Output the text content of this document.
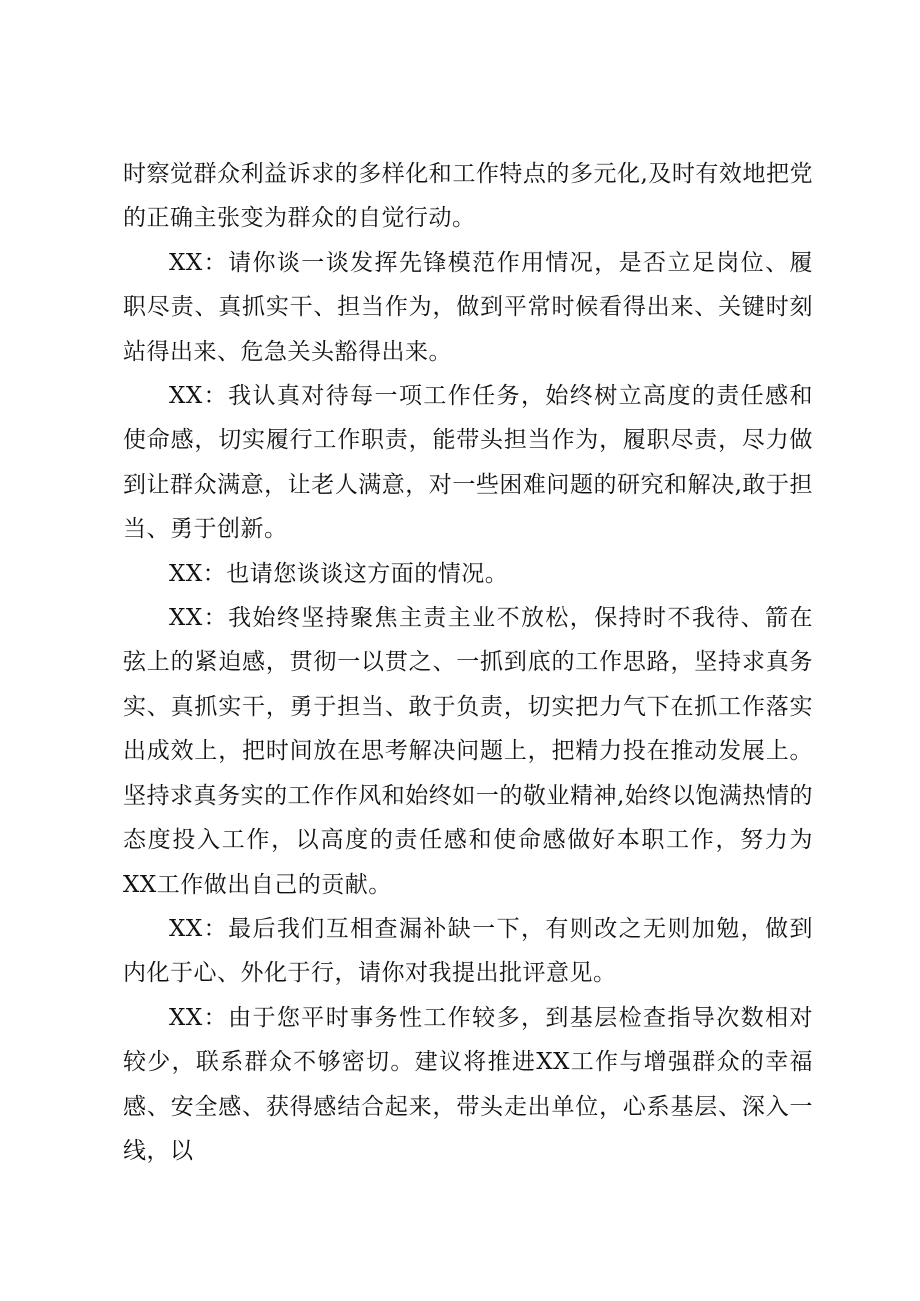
时察觉群众利益诉求的多样化和工作特点的多元化,及时有效地把党的正确主张变为群众的自觉行动。

XX：请你谈一谈发挥先锋模范作用情况，是否立足岗位、履职尽责、真抓实干、担当作为，做到平常时候看得出来、关键时刻站得出来、危急关头豁得出来。

XX：我认真对待每一项工作任务，始终树立高度的责任感和使命感，切实履行工作职责，能带头担当作为，履职尽责，尽力做到让群众满意，让老人满意，对一些困难问题的研究和解决,敢于担当、勇于创新。

XX：也请您谈谈这方面的情况。

XX：我始终坚持聚焦主责主业不放松，保持时不我待、箭在弦上的紧迫感，贯彻一以贯之、一抓到底的工作思路，坚持求真务实、真抓实干，勇于担当、敢于负责，切实把力气下在抓工作落实出成效上，把时间放在思考解决问题上，把精力投在推动发展上。坚持求真务实的工作作风和始终如一的敬业精神,始终以饱满热情的态度投入工作，以高度的责任感和使命感做好本职工作，努力为XX工作做出自己的贡献。

XX：最后我们互相查漏补缺一下，有则改之无则加勉，做到内化于心、外化于行，请你对我提出批评意见。

XX：由于您平时事务性工作较多，到基层检查指导次数相对较少，联系群众不够密切。建议将推进XX工作与增强群众的幸福感、安全感、获得感结合起来，带头走出单位，心系基层、深入一线，以
